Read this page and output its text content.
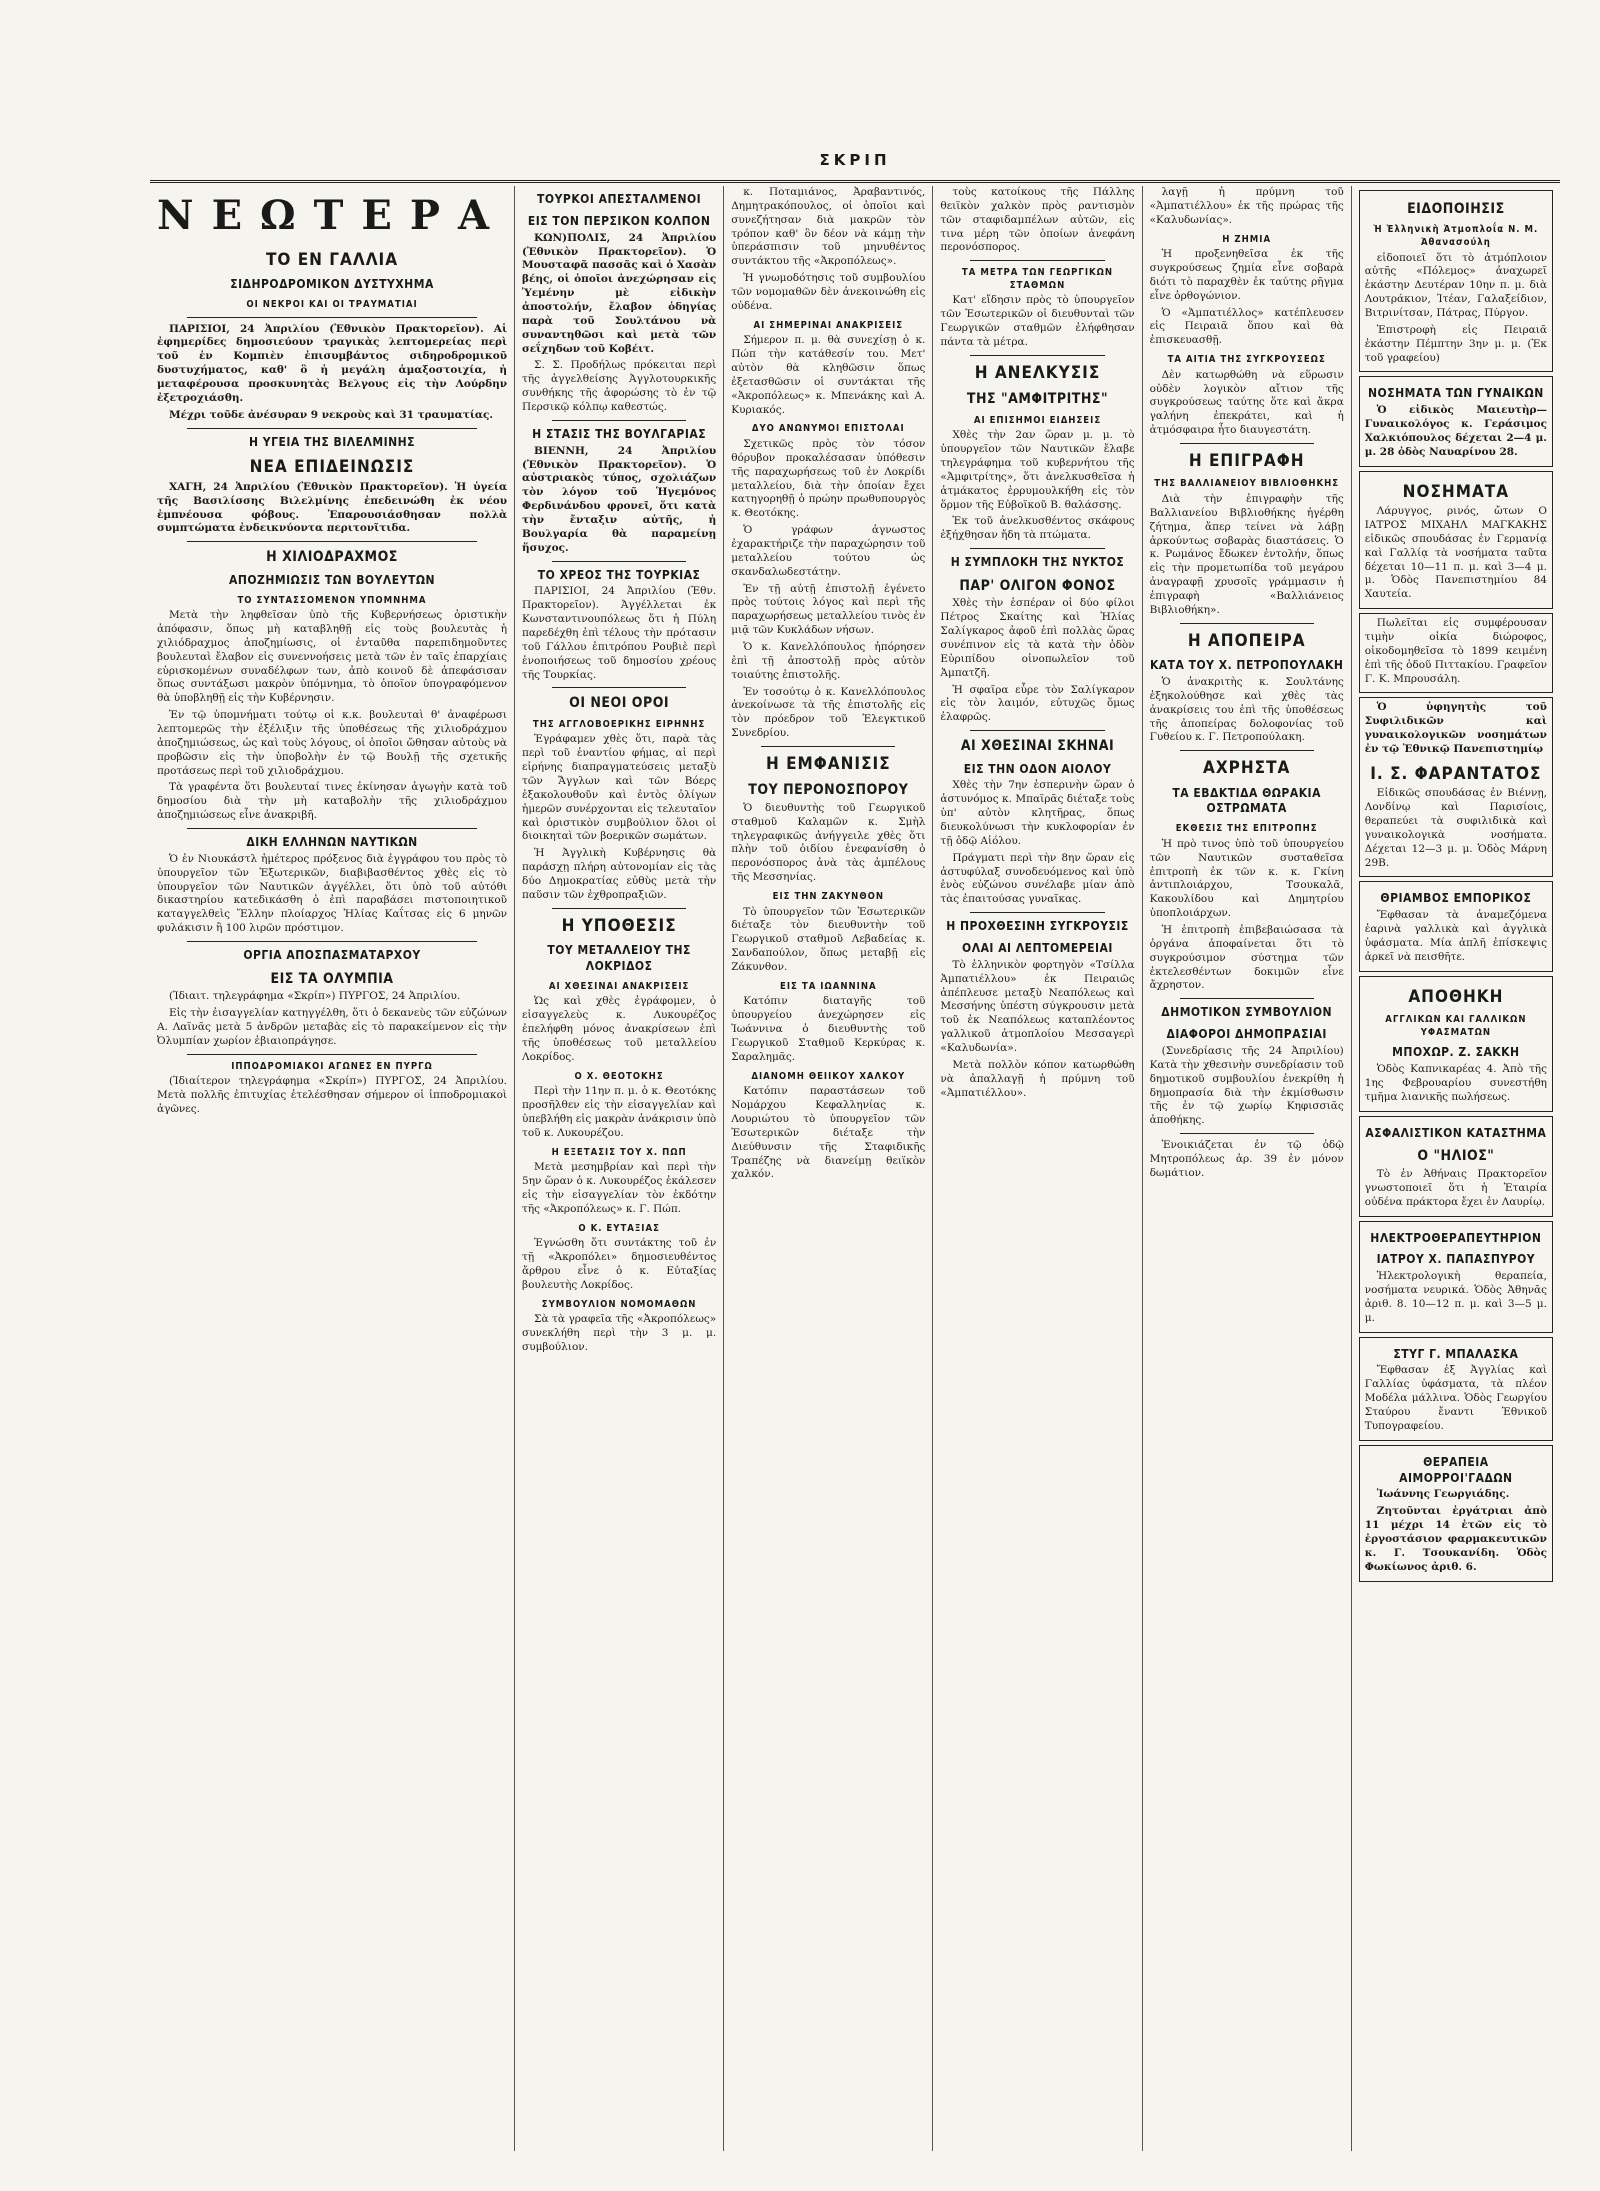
ΣΚΡΙΠ
ΝΕΩΤΕΡΑ
ΤΟ ΕΝ ΓΑΛΛΙΑ
ΣΙΔΗΡΟΔΡΟΜΙΚΟΝ ΔΥΣΤΥΧΗΜΑ
ΟΙ ΝΕΚΡΟΙ ΚΑΙ ΟΙ ΤΡΑΥΜΑΤΙΑΙ

ΠΑΡΙΣΙΟΙ, 24 Ἀπριλίου (Ἐθνικὸν Πρακτορεῖον). Αἱ ἐφημερίδες δημοσιεύουν τραγικὰς λεπτομερείας περὶ τοῦ ἐν Κομπιὲν ἐπισυμβάντος σιδηροδρομικοῦ δυστυχήματος, καθ' ὃ ἡ μεγάλη ἁμαξοστοιχία, ἡ μεταφέρουσα προσκυνητὰς Βελγους εἰς τὴν Λούρδην ἐξετροχιάσθη.

Μέχρι τοῦδε ἀνέσυραν 9 νεκροὺς καὶ 31 τραυματίας.

Η ΥΓΕΙΑ ΤΗΣ ΒΙΛΕΛΜΙΝΗΣ
ΝΕΑ ΕΠΙΔΕΙΝΩΣΙΣ

ΧΑΓΗ, 24 Ἀπριλίου (Ἐθνικὸν Πρακτορεῖον). Ἡ ὑγεία τῆς Βασιλίσσης Βιλελμίνης ἐπεδεινώθη ἐκ νέου ἐμπνέουσα φόβους. Ἐπαρουσιάσθησαν πολλὰ συμπτώματα ἐνδεικνύοντα περιτονῖτιδα.

Η ΧΙΛΙΟΔΡΑΧΜΟΣ
ΑΠΟΖΗΜΙΩΣΙΣ ΤΩΝ ΒΟΥΛΕΥΤΩΝ
ΤΟ ΣΥΝΤΑΣΣΟΜΕΝΟΝ ΥΠΟΜΝΗΜΑ

Μετὰ τὴν ληφθεῖσαν ὑπὸ τῆς Κυβερνήσεως ὁριστικὴν ἀπόφασιν, ὅπως μὴ καταβληθῇ εἰς τοὺς βουλευτὰς ἡ χιλιόδραχμος ἀποζημίωσις, οἱ ἐνταῦθα παρεπιδημοῦντες βουλευταὶ ἔλαβον εἰς συνεννοήσεις μετὰ τῶν ἐν ταῖς ἐπαρχίαις εὑρισκομένων συναδέλφων των, ἀπὸ κοινοῦ δὲ ἀπεφάσισαν ὅπως συντάξωσι μακρὸν ὑπόμνημα, τὸ ὁποῖον ὑπογραφόμενον θὰ ὑποβληθῇ εἰς τὴν Κυβέρνησιν.

Ἐν τῷ ὑπομνήματι τούτῳ οἱ κ.κ. βουλευταὶ θ' ἀναφέρωσι λεπτομερῶς τὴν ἐξέλιξιν τῆς ὑποθέσεως τῆς χιλιοδράχμου ἀποζημιώσεως, ὡς καὶ τοὺς λόγους, οἱ ὁποῖοι ὤθησαν αὐτοὺς νὰ προβῶσιν εἰς τὴν ὑποβολὴν ἐν τῷ Βουλῇ τῆς σχετικῆς προτάσεως περὶ τοῦ χιλιοδράχμου.

Τὰ γραφέντα ὅτι βουλευταί τινες ἐκίνησαν ἀγωγὴν κατὰ τοῦ δημοσίου διὰ τὴν μὴ καταβολὴν τῆς χιλιοδράχμου ἀποζημιώσεως εἶνε ἀνακριβῆ.

ΔΙΚΗ ΕΛΛΗΝΩΝ ΝΑΥΤΙΚΩΝ

Ὁ ἐν Νιουκάστλ ἡμέτερος πρόξενος διὰ ἐγγράφου του πρὸς τὸ ὑπουργεῖον τῶν Ἐξωτερικῶν, διαβιβασθέντος χθὲς εἰς τὸ ὑπουργεῖον τῶν Ναυτικῶν ἀγγέλλει, ὅτι ὑπὸ τοῦ αὐτόθι δικαστηρίου κατεδικάσθη ὁ ἐπὶ παραβάσει πιστοποιητικοῦ καταγγελθεὶς Ἕλλην πλοίαρχος Ἠλίας Καΐτσας εἰς 6 μηνῶν φυλάκισιν ἢ 100 λιρῶν πρόστιμον.

ΟΡΓΙΑ ΑΠΟΣΠΑΣΜΑΤΑΡΧΟΥ
ΕΙΣ ΤΑ ΟΛΥΜΠΙΑ

(Ἰδιαιτ. τηλεγράφημα «Σκρίπ») ΠΥΡΓΟΣ, 24 Ἀπριλίου.

Εἰς τὴν ἐισαγγελίαν κατηγγέλθη, ὅτι ὁ δεκανεὺς τῶν εὐζώνων Α. Λαϊνᾶς μετὰ 5 ἀνδρῶν μεταβὰς εἰς τὸ παρακείμενον εἰς τὴν Ὀλυμπίαν χωρίον ἐβιαιοπράγησε.

ΙΠΠΟΔΡΟΜΙΑΚΟΙ ΑΓΩΝΕΣ ΕΝ ΠΥΡΓΩ

(Ἰδιαίτερον τηλεγράφημα «Σκρίπ») ΠΥΡΓΟΣ, 24 Ἀπριλίου. Μετὰ πολλῆς ἐπιτυχίας ἐτελέσθησαν σήμερον οἱ ἱπποδρομιακοὶ ἀγῶνες.

ΤΟΥΡΚΟΙ ΑΠΕΣΤΑΛΜΕΝΟΙ
ΕΙΣ ΤΟΝ ΠΕΡΣΙΚΟΝ ΚΟΛΠΟΝ

ΚΩΝ)ΠΟΛΙΣ, 24 Ἀπριλίου (Ἐθνικὸν Πρακτορεῖον). Ὁ Μουσταφᾶ πασσᾶς καὶ ὁ Χασὰν βέης, οἱ ὁποῖοι ἀνεχώρησαν εἰς Ὑεμένην μὲ εἰδικὴν ἀποστολήν, ἔλαβον ὁδηγίας παρὰ τοῦ Σουλτάνου νὰ συναντηθῶσι καὶ μετὰ τῶν σεΐχηδων τοῦ Κοβέιτ.

Σ. Σ. Προδήλως πρόκειται περὶ τῆς ἀγγελθείσης Ἀγγλοτουρκικῆς συνθήκης τῆς ἀφορώσης τὸ ἐν τῷ Περσικῷ κόλπῳ καθεστώς.

Η ΣΤΑΣΙΣ ΤΗΣ ΒΟΥΛΓΑΡΙΑΣ

ΒΙΕΝΝΗ, 24 Ἀπριλίου (Ἐθνικὸν Πρακτορεῖον). Ὁ αὐστριακὸς τύπος, σχολιάζων τὸν λόγον τοῦ Ἡγεμόνος Φερδινάνδου φρονεῖ, ὅτι κατὰ τὴν ἔνταξιν αὐτῆς, ἡ Βουλγαρία θὰ παραμείνῃ ἥσυχος.

ΤΟ ΧΡΕΟΣ ΤΗΣ ΤΟΥΡΚΙΑΣ

ΠΑΡΙΣΙΟΙ, 24 Ἀπριλίου (Ἐθν. Πρακτορεῖον). Ἀγγέλλεται ἐκ Κωνσταντινουπόλεως ὅτι ἡ Πύλη παρεδέχθη ἐπὶ τέλους τὴν πρότασιν τοῦ Γάλλου ἐπιτρόπου Ρουβιὲ περὶ ἑνοποιήσεως τοῦ δημοσίου χρέους τῆς Τουρκίας.

ΟΙ ΝΕΟΙ ΟΡΟΙ
ΤΗΣ ΑΓΓΛΟΒΟΕΡΙΚΗΣ ΕΙΡΗΝΗΣ

Ἐγράφαμεν χθὲς ὅτι, παρὰ τὰς περὶ τοῦ ἐναντίου φήμας, αἱ περὶ εἰρήνης διαπραγματεύσεις μεταξὺ τῶν Ἄγγλων καὶ τῶν Βόερς ἐξακολουθοῦν καὶ ἐντὸς ὀλίγων ἡμερῶν συνέρχονται εἰς τελευταῖον καὶ ὁριστικὸν συμβούλιον ὅλοι οἱ διοικηταὶ τῶν βοερικῶν σωμάτων.

Ἡ Ἀγγλικὴ Κυβέρνησις θὰ παράσχῃ πλήρη αὐτονομίαν εἰς τὰς δύο Δημοκρατίας εὐθὺς μετὰ τὴν παῦσιν τῶν ἐχθροπραξιῶν.

Η ΥΠΟΘΕΣΙΣ
ΤΟΥ ΜΕΤΑΛΛΕΙΟΥ ΤΗΣ ΛΟΚΡΙΔΟΣ
ΑΙ ΧΘΕΣΙΝΑΙ ΑΝΑΚΡΙΣΕΙΣ

Ὡς καὶ χθὲς ἐγράφομεν, ὁ εἰσαγγελεὺς κ. Λυκουρέζος ἐπελήφθη μόνος ἀνακρίσεων ἐπὶ τῆς ὑποθέσεως τοῦ μεταλλείου Λοκρίδος.

Ο Χ. ΘΕΟΤΟΚΗΣ

Περὶ τὴν 11ην π. μ. ὁ κ. Θεοτόκης προσῆλθεν εἰς τὴν εἰσαγγελίαν καὶ ὑπεβλήθη εἰς μακρὰν ἀνάκρισιν ὑπὸ τοῦ κ. Λυκουρέζου.

Η ΕΞΕΤΑΣΙΣ ΤΟΥ Χ. ΠΩΠ

Μετὰ μεσημβρίαν καὶ περὶ τὴν 5ην ὥραν ὁ κ. Λυκουρέζος ἐκάλεσεν εἰς τὴν εἰσαγγελίαν τὸν ἐκδότην τῆς «Ἀκροπόλεως» κ. Γ. Πώπ.

Ο Κ. ΕΥΤΑΞΙΑΣ

Ἐγνώσθη ὅτι συντάκτης τοῦ ἐν τῇ «Ἀκροπόλει» δημοσιευθέντος ἄρθρου εἶνε ὁ κ. Εὐταξίας βουλευτὴς Λοκρίδος.

ΣΥΜΒΟΥΛΙΟΝ ΝΟΜΟΜΑΘΩΝ

Σὰ τὰ γραφεῖα τῆς «Ἀκροπόλεως» συνεκλήθη περὶ τὴν 3 μ. μ. συμβούλιον.

κ. Ποταμιάνος, Ἀραβαντινός, Δημητρακόπουλος, οἱ ὁποῖοι καὶ συνεζήτησαν διὰ μακρῶν τὸν τρόπον καθ' ὃν δέον νὰ κάμῃ τὴν ὑπεράσπισιν τοῦ μηνυθέντος συντάκτου τῆς «Ἀκροπόλεως».

Ἡ γνωμοδότησις τοῦ συμβουλίου τῶν νομομαθῶν δὲν ἀνεκοινώθη εἰς οὐδένα.

ΑΙ ΣΗΜΕΡΙΝΑΙ ΑΝΑΚΡΙΣΕΙΣ

Σήμερον π. μ. θὰ συνεχίσῃ ὁ κ. Πώπ τὴν κατάθεσίν του. Μετ' αὐτὸν θὰ κληθῶσιν ὅπως ἐξετασθῶσιν οἱ συντάκται τῆς «Ἀκροπόλεως» κ. Μπενάκης καὶ Α. Κυριακός.

ΔΥΟ ΑΝΩΝΥΜΟΙ ΕΠΙΣΤΟΛΑΙ

Σχετικῶς πρὸς τὸν τόσον θόρυβον προκαλέσασαν ὑπόθεσιν τῆς παραχωρήσεως τοῦ ἐν Λοκρίδι μεταλλείου, διὰ τὴν ὁποίαν ἔχει κατηγορηθῇ ὁ πρώην πρωθυπουργὸς κ. Θεοτόκης.

Ὁ γράφων ἀγνωστος ἐχαρακτήριζε τὴν παραχώρησιν τοῦ μεταλλείου τούτου ὡς σκανδαλωδεστάτην.

Ἐν τῇ αὐτῇ ἐπιστολῇ ἐγένετο πρὸς τούτοις λόγος καὶ περὶ τῆς παραχωρήσεως μεταλλείου τινὸς ἐν μιᾷ τῶν Κυκλάδων νήσων.

Ὁ κ. Κανελλόπουλος ἠπόρησεν ἐπὶ τῇ ἀποστολῇ πρὸς αὐτὸν τοιαύτης ἐπιστολῆς.

Ἐν τοσούτῳ ὁ κ. Κανελλόπουλος ἀνεκοίνωσε τὰ τῆς ἐπιστολῆς εἰς τὸν πρόεδρον τοῦ Ἐλεγκτικοῦ Συνεδρίου.

Η ΕΜΦΑΝΙΣΙΣ
ΤΟΥ ΠΕΡΟΝΟΣΠΟΡΟΥ

Ὁ διευθυντὴς τοῦ Γεωργικοῦ σταθμοῦ Καλαμῶν κ. Σμὴλ τηλεγραφικῶς ἀνήγγειλε χθὲς ὅτι πλὴν τοῦ ὀιδίου ἐνεφανίσθη ὁ περονόσπορος ἀνὰ τὰς ἀμπέλους τῆς Μεσσηνίας.

ΕΙΣ ΤΗΝ ΖΑΚΥΝΘΟΝ

Τὸ ὑπουργεῖον τῶν Ἐσωτερικῶν διέταξε τὸν διευθυντὴν τοῦ Γεωργικοῦ σταθμοῦ Λεβαδείας κ. Σανδαπούλον, ὅπως μεταβῇ εἰς Ζάκυνθον.

ΕΙΣ ΤΑ ΙΩΑΝΝΙΝΑ

Κατόπιν διαταγῆς τοῦ ὑπουργείου ἀνεχώρησεν εἰς Ἰωάννινα ὁ διευθυντὴς τοῦ Γεωργικοῦ Σταθμοῦ Κερκύρας κ. Σαραλημᾶς.

ΔΙΑΝΟΜΗ ΘΕΙΙΚΟΥ ΧΑΛΚΟΥ

Κατόπιν παραστάσεων τοῦ Νομάρχου Κεφαλληνίας κ. Λουριώτου τὸ ὑπουργεῖον τῶν Ἐσωτερικῶν διέταξε τὴν Διεύθυνσιν τῆς Σταφιδικῆς Τραπέζης νὰ διανείμῃ θειϊκὸν χαλκόν.

τοὺς κατοίκους τῆς Πάλλης θειϊκὸν χαλκὸν πρὸς ραντισμὸν τῶν σταφιδαμπέλων αὐτῶν, εἰς τινα μέρη τῶν ὁποίων ἀνεφάνη περονόσπορος.

ΤΑ ΜΕΤΡΑ ΤΩΝ ΓΕΩΡΓΙΚΩΝ ΣΤΑΘΜΩΝ

Κατ' εἴδησιν πρὸς τὸ ὑπουργεῖον τῶν Ἐσωτερικῶν οἱ διευθυνταὶ τῶν Γεωργικῶν σταθμῶν ἐλήφθησαν πάντα τὰ μέτρα.

Η ΑΝΕΛΚΥΣΙΣ
ΤΗΣ "ΑΜΦΙΤΡΙΤΗΣ"
ΑΙ ΕΠΙΣΗΜΟΙ ΕΙΔΗΣΕΙΣ

Χθὲς τὴν 2αν ὥραν μ. μ. τὸ ὑπουργεῖον τῶν Ναυτικῶν ἔλαβε τηλεγράφημα τοῦ κυβερνήτου τῆς «Ἀμφιτρίτης», ὅτι ἀνελκυσθεῖσα ἡ ἀτμάκατος ἐρρυμουλκήθη εἰς τὸν ὅρμον τῆς Εὐβοϊκοῦ Β. θαλάσσης.

Ἐκ τοῦ ἀνελκυσθέντος σκάφους ἐξήχθησαν ἤδη τὰ πτώματα.

Η ΣΥΜΠΛΟΚΗ ΤΗΣ ΝΥΚΤΟΣ
ΠΑΡ' ΟΛΙΓΟΝ ΦΟΝΟΣ

Χθὲς τὴν ἑσπέραν οἱ δύο φίλοι Πέτρος Σκαίτης καὶ Ἠλίας Σαλίγκαρος ἀφοῦ ἐπὶ πολλὰς ὥρας συνέπινον εἰς τὰ κατὰ τὴν ὁδὸν Εὐριπίδου οἰνοπωλεῖον τοῦ Ἀμπατζῆ.

Ἡ σφαῖρα εὗρε τὸν Σαλίγκαρον εἰς τὸν λαιμόν, εὐτυχῶς ὅμως ἐλαφρῶς.

ΑΙ ΧΘΕΣΙΝΑΙ ΣΚΗΝΑΙ
ΕΙΣ ΤΗΝ ΟΔΟΝ ΑΙΟΛΟΥ

Χθὲς τὴν 7ην ἑσπερινὴν ὥραν ὁ ἀστυνόμος κ. Μπαϊρᾶς διέταξε τοὺς ὑπ' αὐτὸν κλητῆρας, ὅπως διευκολύνωσι τὴν κυκλοφορίαν ἐν τῇ ὁδῷ Αἰόλου.

Πράγματι περὶ τὴν 8ην ὥραν εἰς ἀστυφύλαξ συνοδευόμενος καὶ ὑπὸ ἑνὸς εὐζώνου συνέλαβε μίαν ἀπὸ τὰς ἐπαιτούσας γυναῖκας.

Η ΠΡΟΧΘΕΣΙΝΗ ΣΥΓΚΡΟΥΣΙΣ
ΟΛΑΙ ΑΙ ΛΕΠΤΟΜΕΡΕΙΑΙ

Τὸ ἑλληνικὸν φορτηγὸν «Τσίλλα Ἀμπατιέλλου» ἐκ Πειραιῶς ἀπέπλευσε μεταξὺ Νεαπόλεως καὶ Μεσσήνης ὑπέστη σύγκρουσιν μετὰ τοῦ ἐκ Νεαπόλεως καταπλέοντος γαλλικοῦ ἀτμοπλοίου Μεσσαγερὶ «Καλυδωνία».

Μετὰ πολλὸν κόπον κατωρθώθη νὰ ἀπαλλαγῇ ἡ πρύμνη τοῦ «Ἀμπατιέλλου».

λαγῇ ἡ πρύμνη τοῦ «Ἀμπατιέλλου» ἐκ τῆς πρώρας τῆς «Καλυδωνίας».

Η ΖΗΜΙΑ

Ἡ προξενηθεῖσα ἐκ τῆς συγκρούσεως ζημία εἶνε σοβαρὰ διότι τὸ παραχθὲν ἐκ ταύτης ρῆγμα εἶνε ὀρθογώνιον.

Ὁ «Ἀμπατιέλλος» κατέπλευσεν εἰς Πειραιᾶ ὅπου καὶ θὰ ἐπισκευασθῇ.

ΤΑ ΑΙΤΙΑ ΤΗΣ ΣΥΓΚΡΟΥΣΕΩΣ

Δὲν κατωρθώθη νὰ εὕρωσιν οὐδὲν λογικὸν αἴτιον τῆς συγκρούσεως ταύτης ὅτε καὶ ἄκρα γαλήνη ἐπεκράτει, καὶ ἡ ἀτμόσφαιρα ἦτο διαυγεστάτη.

Η ΕΠΙΓΡΑΦΗ
ΤΗΣ ΒΑΛΛΙΑΝΕΙΟΥ ΒΙΒΛΙΟΘΗΚΗΣ

Διὰ τὴν ἐπιγραφὴν τῆς Βαλλιανείου Βιβλιοθήκης ἠγέρθη ζήτημα, ἅπερ τείνει νὰ λάβῃ ἀρκούντως σοβαρὰς διαστάσεις. Ὁ κ. Ρωμάνος ἔδωκεν ἐντολήν, ὅπως εἰς τὴν προμετωπίδα τοῦ μεγάρου ἀναγραφῇ χρυσοῖς γράμμασιν ἡ ἐπιγραφὴ «Βαλλιάνειος Βιβλιοθήκη».

Η ΑΠΟΠΕΙΡΑ
ΚΑΤΑ ΤΟΥ Χ. ΠΕΤΡΟΠΟΥΛΑΚΗ

Ὁ ἀνακριτὴς κ. Σουλτάνης ἐξηκολούθησε καὶ χθὲς τὰς ἀνακρίσεις του ἐπὶ τῆς ὑποθέσεως τῆς ἀποπείρας δολοφονίας τοῦ Γυθείου κ. Γ. Πετροπούλακη.

ΑΧΡΗΣΤΑ
ΤΑ ΕΒΔΚΤΙΔΑ ΘΩΡΑΚΙΑ ΟΣΤΡΩΜΑΤΑ
ΕΚΘΕΣΙΣ ΤΗΣ ΕΠΙΤΡΟΠΗΣ

Ἡ πρὸ τινος ὑπὸ τοῦ ὑπουργείου τῶν Ναυτικῶν συσταθεῖσα ἐπιτροπὴ ἐκ τῶν κ. κ. Γκίνη ἀντιπλοιάρχου, Τσουκαλᾶ, Κακουλίδου καὶ Δημητρίου ὑποπλοιάρχων.

Ἡ ἐπιτροπὴ ἐπιβεβαιώσασα τὰ ὀργάνα ἀποφαίνεται ὅτι τὸ συγκρούσιμον σύστημα τῶν ἐκτελεσθέντων δοκιμῶν εἶνε ἄχρηστον.

ΔΗΜΟΤΙΚΟΝ ΣΥΜΒΟΥΛΙΟΝ
ΔΙΑΦΟΡΟΙ ΔΗΜΟΠΡΑΣΙΑΙ

(Συνεδρίασις τῆς 24 Ἀπριλίου) Κατὰ τὴν χθεσινὴν συνεδρίασιν τοῦ δημοτικοῦ συμβουλίου ἐνεκρίθη ἡ δημοπρασία διὰ τὴν ἐκμίσθωσιν τῆς ἐν τῷ χωρίῳ Κηφισσιᾶς ἀποθήκης.

Ἐνοικιάζεται ἐν τῷ ὁδῷ Μητροπόλεως ἀρ. 39 ἐν μόνον δωμάτιον.

ΕΙΔΟΠΟΙΗΣΙΣ
Ἡ Ἑλληνικὴ Ἀτμοπλοΐα Ν. Μ. Ἀθανασούλη

εἰδοποιεῖ ὅτι τὸ ἀτμόπλοιον αὐτῆς «Πόλεμος» ἀναχωρεῖ ἑκάστην Δευτέραν 10ην π. μ. διὰ Λουτράκιον, Ἰτέαν, Γαλαξείδιον, Βιτρινίτσαν, Πάτρας, Πύργον.

Ἐπιστροφὴ εἰς Πειραιᾶ ἑκάστην Πέμπτην 3ην μ. μ. (Ἐκ τοῦ γραφείου)

ΝΟΣΗΜΑΤΑ ΤΩΝ ΓΥΝΑΙΚΩΝ

Ὁ εἰδικὸς Μαιευτὴρ—Γυναικολόγος κ. Γεράσιμος Χαλκιόπουλος δέχεται 2—4 μ. μ. 28 ὁδὸς Ναυαρίνου 28.

ΝΟΣΗΜΑΤΑ

Λάρυγγος, ρινός, ὤτων Ο ΙΑΤΡΟΣ ΜΙΧΑΗΛ ΜΑΓΚΑΚΗΣ εἰδικῶς σπουδάσας ἐν Γερμανίᾳ καὶ Γαλλίᾳ τὰ νοσήματα ταῦτα δέχεται 10—11 π. μ. καὶ 3—4 μ. μ. Ὁδὸς Πανεπιστημίου 84 Χαυτεία.

Πωλεῖται εἰς συμφέρουσαν τιμὴν οἰκία διώροφος, οἰκοδομηθεῖσα τὸ 1899 κειμένη ἐπὶ τῆς ὁδοῦ Πιττακίου. Γραφεῖον Γ. Κ. Μπρουσάλη.

Ὁ ὑφηγητὴς τοῦ Συφιλιδικῶν καὶ γυναικολογικῶν νοσημάτων ἐν τῷ Ἐθνικῷ Πανεπιστημίῳ

Ι. Σ. ΦΑΡΑΝΤΑΤΟΣ

Εἰδικῶς σπουδάσας ἐν Βιέννῃ, Λονδίνῳ καὶ Παρισίοις, θεραπεύει τὰ συφιλιδικὰ καὶ γυναικολογικὰ νοσήματα. Δέχεται 12—3 μ. μ. Ὁδὸς Μάρνη 29Β.

ΘΡΙΑΜΒΟΣ ΕΜΠΟΡΙΚΟΣ

Ἔφθασαν τὰ ἀναμεζόμενα ἐαρινὰ γαλλικὰ καὶ ἀγγλικὰ ὑφάσματα. Μία ἀπλῆ ἐπίσκεψις ἀρκεῖ νὰ πεισθῆτε.

ΑΠΟΘΗΚΗ
ΑΓΓΛΙΚΩΝ ΚΑΙ ΓΑΛΛΙΚΩΝ ΥΦΑΣΜΑΤΩΝ
ΜΠΟΧΩΡ. Ζ. ΣΑΚΚΗ

Ὁδὸς Καπνικαρέας 4. Ἀπὸ τῆς 1ης Φεβρουαρίου συνεστήθη τμῆμα λιανικῆς πωλήσεως.

ΑΣΦΑΛΙΣΤΙΚΟΝ ΚΑΤΑΣΤΗΜΑ
Ο "ΗΛΙΟΣ"

Τὸ ἐν Ἀθήναις Πρακτορεῖον γνωστοποιεῖ ὅτι ἡ Ἑταιρία οὐδένα πράκτορα ἔχει ἐν Λαυρίῳ.

ΗΛΕΚΤΡΟΘΕΡΑΠΕΥΤΗΡΙΟΝ
ΙΑΤΡΟΥ Χ. ΠΑΠΑΣΠΥΡΟΥ

Ἡλεκτρολογικὴ θεραπεία, νοσήματα νευρικά. Ὁδὸς Ἀθηνᾶς ἀριθ. 8. 10—12 π. μ. καὶ 3—5 μ. μ.

ΣΤΥΓ Γ. ΜΠΑΛΑΣΚΑ

Ἔφθασαν ἐξ Ἀγγλίας καὶ Γαλλίας ὑφάσματα, τὰ πλέον Μοδέλα μάλλινα. Ὁδὸς Γεωργίου Σταύρου ἔναντι Ἐθνικοῦ Τυπογραφείου.

ΘΕΡΑΠΕΙΑ ΑΙΜΟΡΡΟΙ'ΓΑΔΩΝ

Ἰωάννης Γεωργιάδης.

Ζητοῦνται ἐργάτριαι ἀπὸ 11 μέχρι 14 ἐτῶν εἰς τὸ ἐργοστάσιον φαρμακευτικῶν κ. Γ. Τσουκανίδη. Ὁδὸς Φωκίωνος ἀριθ. 6.
